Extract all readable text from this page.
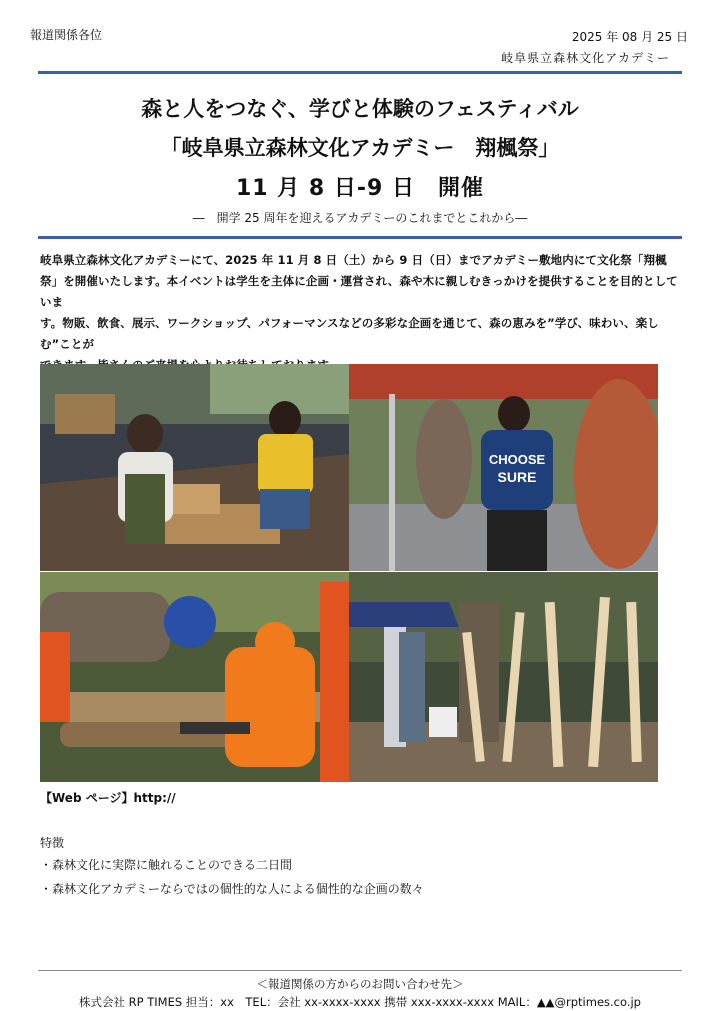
報道関係各位	2025 年 08 月 25 日
岐阜県立森林文化アカデミー
森と人をつなぐ、学びと体験のフェスティバル
「岐阜県立森林文化アカデミー　翔楓祭」
11 月 8 日-9 日　開催
―　開学 25 周年を迎えるアカデミーのこれまでとこれから―
岐阜県立森林文化アカデミーにて、2025 年 11 月 8 日（土）から 9 日（日）までアカデミー敷地内にて文化祭「翔楓
祭」を開催いたします。本イベントは学生を主体に企画・運営され、森や木に親しむきっかけを提供することを目的としていま
す。物販、飲食、展示、ワークショップ、パフォーマンスなどの多彩な企画を通じて、森の恵みを”学び、味わい、楽しむ”ことが
CHOOSE
SURE
【Web ページ】http://
特徴
・森林文化に実際に触れることのできる二日間
・森林文化アカデミーならではの個性的な人による個性的な企画の数々
＜報道関係の方からのお問い合わせ先＞
株式会社 RP TIMES 担当：xx　TEL：会社 xx-xxxx-xxxx 携帯 xxx-xxxx-xxxx MAIL：▲▲@rptimes.co.jp
